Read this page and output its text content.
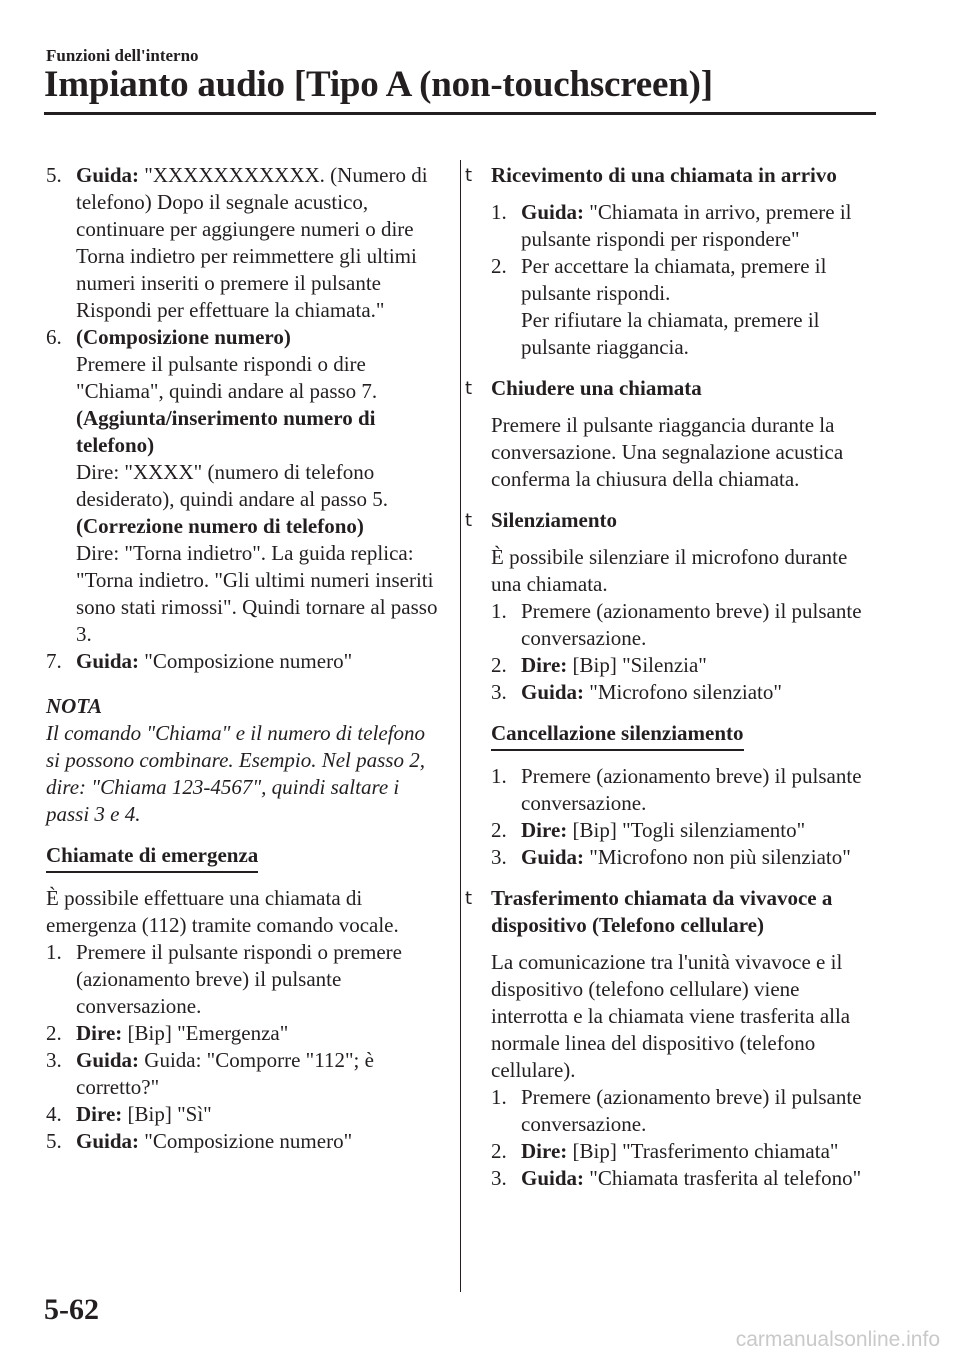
Funzioni dell'interno
Impianto audio [Tipo A (non-touchscreen)]
5. Guida: "XXXXXXXXXXX. (Numero di telefono) Dopo il segnale acustico, continuare per aggiungere numeri o dire Torna indietro per reimmettere gli ultimi numeri inseriti o premere il pulsante Rispondi per effettuare la chiamata."
6. (Composizione numero)
Premere il pulsante rispondi o dire "Chiama", quindi andare al passo 7.
(Aggiunta/inserimento numero di telefono)
Dire: "XXXX" (numero di telefono desiderato), quindi andare al passo 5.
(Correzione numero di telefono)
Dire: "Torna indietro". La guida replica: "Torna indietro. "Gli ultimi numeri inseriti sono stati rimossi". Quindi tornare al passo 3.
7. Guida: "Composizione numero"
NOTA
Il comando "Chiama" e il numero di telefono si possono combinare. Esempio. Nel passo 2, dire: "Chiama 123-4567", quindi saltare i passi 3 e 4.
Chiamate di emergenza
È possibile effettuare una chiamata di emergenza (112) tramite comando vocale.
1. Premere il pulsante rispondi o premere (azionamento breve) il pulsante conversazione.
2. Dire: [Bip] "Emergenza"
3. Guida: Guida: "Comporre "112"; è corretto?"
4. Dire: [Bip] "Sì"
5. Guida: "Composizione numero"
t Ricevimento di una chiamata in arrivo
1. Guida: "Chiamata in arrivo, premere il pulsante rispondi per rispondere"
2. Per accettare la chiamata, premere il pulsante rispondi.
Per rifiutare la chiamata, premere il pulsante riaggancia.
t Chiudere una chiamata
Premere il pulsante riaggancia durante la conversazione. Una segnalazione acustica conferma la chiusura della chiamata.
t Silenziamento
È possibile silenziare il microfono durante una chiamata.
1. Premere (azionamento breve) il pulsante conversazione.
2. Dire: [Bip] "Silenzia"
3. Guida: "Microfono silenziato"
Cancellazione silenziamento
1. Premere (azionamento breve) il pulsante conversazione.
2. Dire: [Bip] "Togli silenziamento"
3. Guida: "Microfono non più silenziato"
t Trasferimento chiamata da vivavoce a dispositivo (Telefono cellulare)
La comunicazione tra l'unità vivavoce e il dispositivo (telefono cellulare) viene interrotta e la chiamata viene trasferita alla normale linea del dispositivo (telefono cellulare).
1. Premere (azionamento breve) il pulsante conversazione.
2. Dire: [Bip] "Trasferimento chiamata"
3. Guida: "Chiamata trasferita al telefono"
5-62
carmanualsonline.info
